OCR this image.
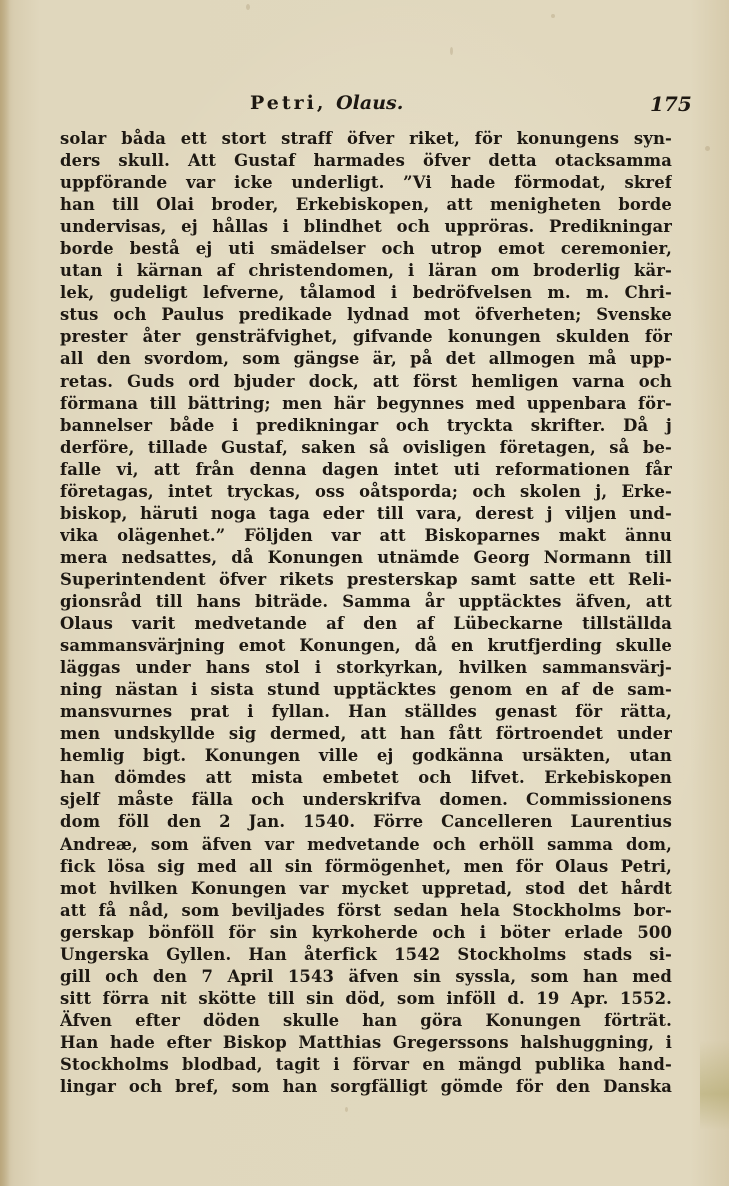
Petri, Olaus.	175
solar båda ett stort straff öfver riket, för konungens syn-
ders skull. Att Gustaf harmades öfver detta otacksamma
uppförande var icke underligt. ”Vi hade förmodat, skref
han till Olai broder, Erkebiskopen, att menigheten borde
undervisas, ej hållas i blindhet och uppröras. Predikningar
borde bestå ej uti smädelser och utrop emot ceremonier,
utan i kärnan af christendomen, i läran om broderlig kär-
lek, gudeligt lefverne, tålamod i bedröfvelsen m. m. Chri-
stus och Paulus predikade lydnad mot öfverheten; Svenske
prester åter gensträfvighet, gifvande konungen skulden för
all den svordom, som gängse är, på det allmogen må upp-
retas. Guds ord bjuder dock, att först hemligen varna och
förmana till bättring; men här begynnes med uppenbara för-
bannelser både i predikningar och tryckta skrifter. Då j
derföre, tillade Gustaf, saken så ovisligen företagen, så be-
falle vi, att från denna dagen intet uti reformationen får
företagas, intet tryckas, oss oåtsporda; och skolen j, Erke-
biskop, häruti noga taga eder till vara, derest j viljen und-
vika olägenhet.” Följden var att Biskoparnes makt ännu
mera nedsattes, då Konungen utnämde Georg Normann till
Superintendent öfver rikets presterskap samt satte ett Reli-
gionsråd till hans biträde. Samma år upptäcktes äfven, att
Olaus varit medvetande af den af Lübeckarne tillställda
sammansvärjning emot Konungen, då en krutfjerding skulle
läggas under hans stol i storkyrkan, hvilken sammansvärj-
ning nästan i sista stund upptäcktes genom en af de sam-
mansvurnes prat i fyllan. Han ställdes genast för rätta,
men undskyllde sig dermed, att han fått förtroendet under
hemlig bigt. Konungen ville ej godkänna ursäkten, utan
han dömdes att mista embetet och lifvet. Erkebiskopen
sjelf måste fälla och underskrifva domen. Commissionens
dom föll den 2 Jan. 1540. Förre Cancelleren Laurentius
Andreæ, som äfven var medvetande och erhöll samma dom,
fick lösa sig med all sin förmögenhet, men för Olaus Petri,
mot hvilken Konungen var mycket uppretad, stod det hårdt
att få nåd, som beviljades först sedan hela Stockholms bor-
gerskap bönföll för sin kyrkoherde och i böter erlade 500
Ungerska Gyllen. Han återfick 1542 Stockholms stads si-
gill och den 7 April 1543 äfven sin syssla, som han med
sitt förra nit skötte till sin död, som inföll d. 19 Apr. 1552.
Äfven efter döden skulle han göra Konungen förträt.
Han hade efter Biskop Matthias Gregerssons halshuggning, i
Stockholms blodbad, tagit i förvar en mängd publika hand-
lingar och bref, som han sorgfälligt gömde för den Danska
